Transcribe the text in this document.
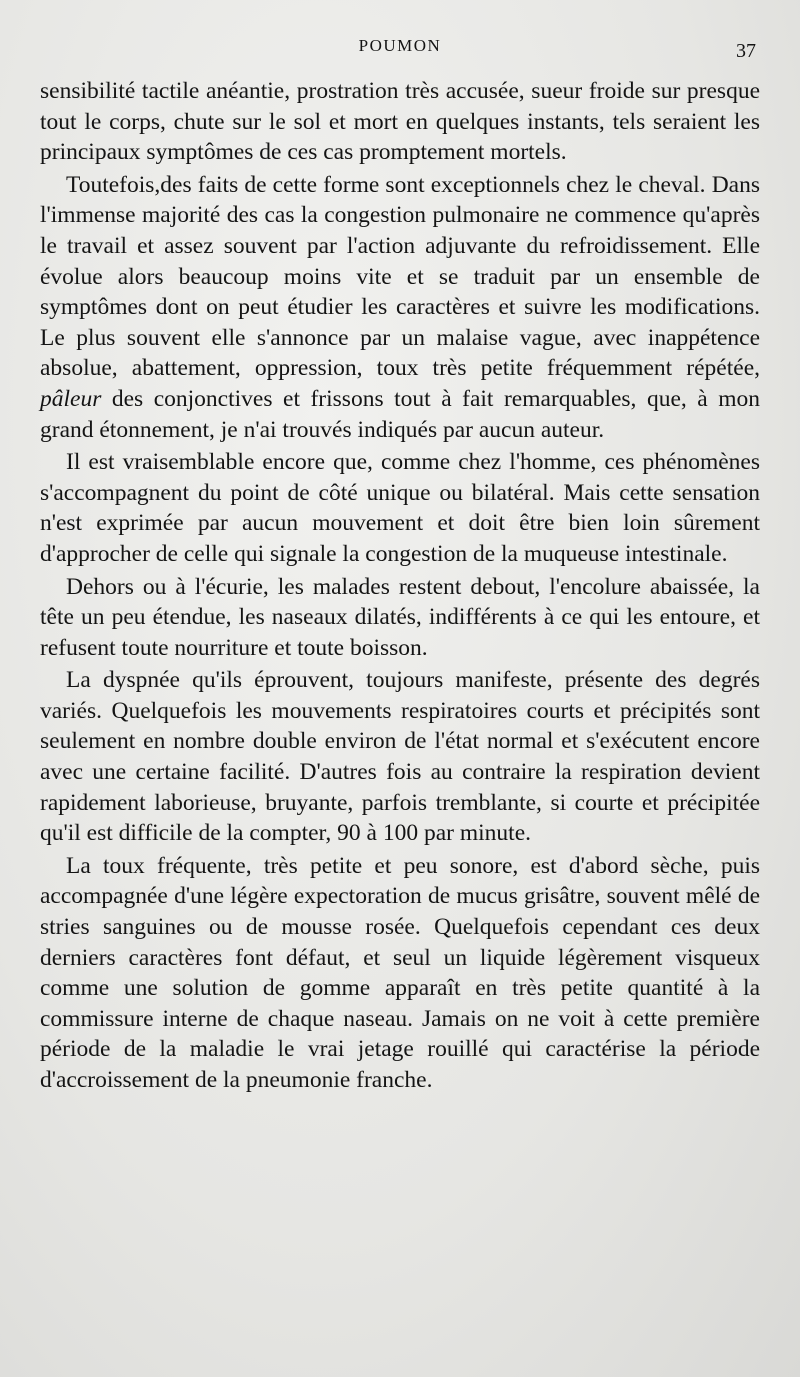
POUMON	37

sensibilité tactile anéantie, prostration très accusée, sueur froide sur presque tout le corps, chute sur le sol et mort en quelques instants, tels seraient les principaux symptômes de ces cas promptement mortels.

Toutefois,des faits de cette forme sont exceptionnels chez le cheval. Dans l'immense majorité des cas la congestion pulmonaire ne commence qu'après le travail et assez souvent par l'action adjuvante du refroidissement. Elle évolue alors beaucoup moins vite et se traduit par un ensemble de symptômes dont on peut étudier les caractères et suivre les modifications. Le plus souvent elle s'annonce par un malaise vague, avec inappétence absolue, abattement, oppression, toux très petite fréquemment répétée, pâleur des conjonctives et frissons tout à fait remarquables, que, à mon grand étonnement, je n'ai trouvés indiqués par aucun auteur.

Il est vraisemblable encore que, comme chez l'homme, ces phénomènes s'accompagnent du point de côté unique ou bilatéral. Mais cette sensation n'est exprimée par aucun mouvement et doit être bien loin sûrement d'approcher de celle qui signale la congestion de la muqueuse intestinale.

Dehors ou à l'écurie, les malades restent debout, l'encolure abaissée, la tête un peu étendue, les naseaux dilatés, indifférents à ce qui les entoure, et refusent toute nourriture et toute boisson.

La dyspnée qu'ils éprouvent, toujours manifeste, présente des degrés variés. Quelquefois les mouvements respiratoires courts et précipités sont seulement en nombre double environ de l'état normal et s'exécutent encore avec une certaine facilité. D'autres fois au contraire la respiration devient rapidement laborieuse, bruyante, parfois tremblante, si courte et précipitée qu'il est difficile de la compter, 90 à 100 par minute.

La toux fréquente, très petite et peu sonore, est d'abord sèche, puis accompagnée d'une légère expectoration de mucus grisâtre, souvent mêlé de stries sanguines ou de mousse rosée. Quelquefois cependant ces deux derniers caractères font défaut, et seul un liquide légèrement visqueux comme une solution de gomme apparaît en très petite quantité à la commissure interne de chaque naseau. Jamais on ne voit à cette première période de la maladie le vrai jetage rouillé qui caractérise la période d'accroissement de la pneumonie franche.
